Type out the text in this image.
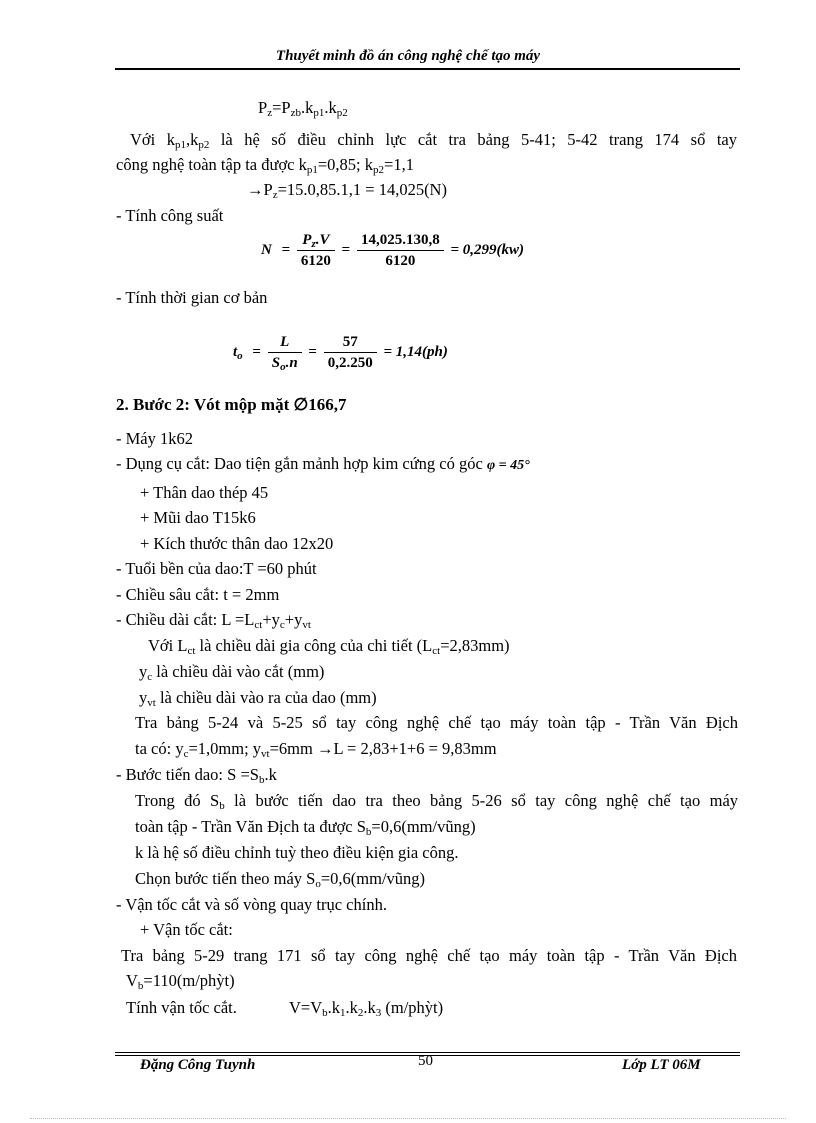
Thuyết minh đồ án công nghệ chế tạo máy
$P_z=P_{zb}.k_{p1}.k_{p2}$
Với $k_{p1},k_{p2}$ là hệ số điều chỉnh lực cắt tra bảng 5-41; 5-42 trang 174 sổ tay
công nghệ toàn tập ta được $k_{p1}=0,85$; $k_{p2}=1,1$
$\to P_z=15.0,85.1,1 = 14,025(N)$
- Tính công suất
$N = \frac{P_z.V}{6120} = \frac{14,025.130,8}{6120} = 0,299(kw)$
- Tính thời gian cơ bản
$t_o = \frac{L}{S_o.n} = \frac{57}{0,2.250} = 1,14(ph)$
2. Bước 2: Vót mộp mặt ∅166,7
- Máy 1k62
- Dụng cụ cắt: Dao tiện gắn mảnh hợp kim cứng có góc φ = 45°
+ Thân dao thép 45
+ Mũi dao T15k6
+ Kích thước thân dao 12x20
- Tuổi bền của dao:T =60 phút
- Chiều sâu cắt: t = 2mm
- Chiều dài cắt: $L =L_{ct}+y_c+y_{vt}$
Với $L_{ct}$ là chiều dài gia công của chi tiết $(L_{ct}=2,83mm)$
$y_c$ là chiều dài vào cắt (mm)
$y_{vt}$ là chiều dài vào ra của dao (mm)
Tra bảng 5-24 và 5-25 sổ tay công nghệ chế tạo máy toàn tập - Trần Văn Địch
ta có: $y_c=1,0mm$; $y_{vt}=6mm \to L = 2,83+1+6 = 9,83mm$
- Bước tiến dao: $S =S_b.k$
Trong đó $S_b$ là bước tiến dao tra theo bảng 5-26 sổ tay công nghệ chế tạo máy
toàn tập - Trần Văn Địch ta được $S_b=0,6(mm/vũng)$
k là hệ số điều chỉnh tuỳ theo điều kiện gia công.
Chọn bước tiến theo máy $S_o=0,6(mm/vũng)$
- Vận tốc cắt và số vòng quay trục chính.
+ Vận tốc cắt:
Tra bảng 5-29 trang 171 sổ tay công nghệ chế tạo máy toàn tập - Trần Văn Địch
$V_b=110(m/phỳt)$
Tính vận tốc cắt.	$V=V_b.k_1.k_2.k_3$ (m/phỳt)
Đặng Công Tuynh	50	Lớp LT 06M
